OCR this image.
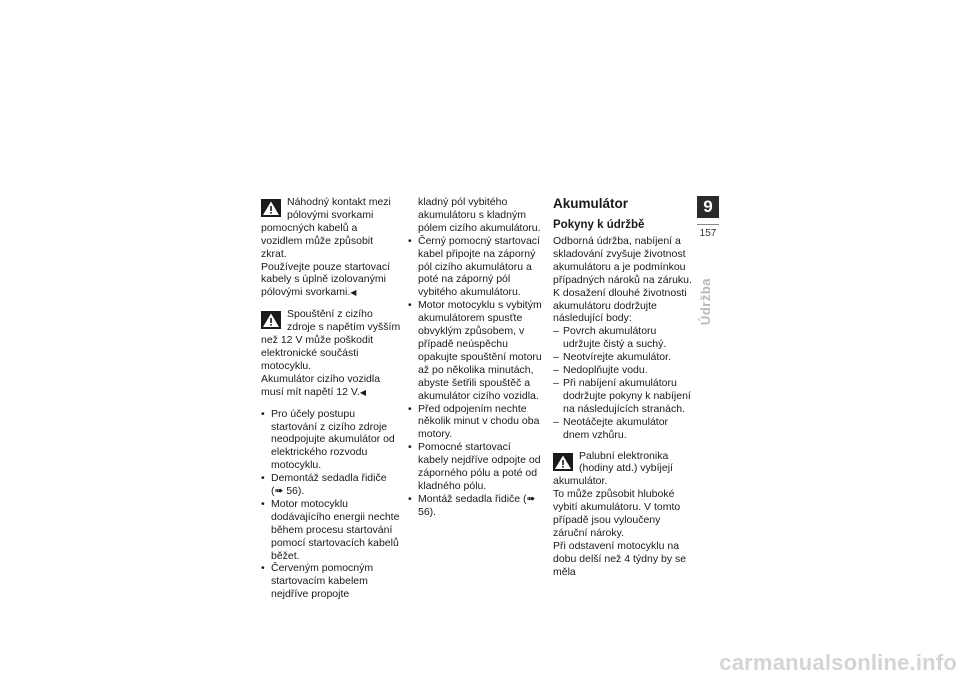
Náhodný kontakt mezi pólovými svorkami pomocných kabelů a vozidlem může způsobit zkrat.

Používejte pouze startovací kabely s úplně izolovanými pólovými svorkami.◀

Spouštění z cizího zdroje s napětím vyšším než 12 V může poškodit elektronické součásti motocyklu.

Akumulátor cizího vozidla musí mít napětí 12 V.◀

• Pro účely postupu startování z cizího zdroje neodpojujte akumulátor od elektrického rozvodu motocyklu.
• Demontáž sedadla řidiče (➠ 56).
• Motor motocyklu dodávajícího energii nechte během procesu startování pomocí startovacích kabelů běžet.
• Červeným pomocným startovacím kabelem nejdříve propojte
kladný pól vybitého akumulátoru s kladným pólem cizího akumulátoru.
• Černý pomocný startovací kabel připojte na záporný pól cizího akumulátoru a poté na záporný pól vybitého akumulátoru.
• Motor motocyklu s vybitým akumulátorem spusťte obvyklým způsobem, v případě neúspěchu opakujte spouštění motoru až po několika minutách, abyste šetřili spouštěč a akumulátor cizího vozidla.
• Před odpojením nechte několik minut v chodu oba motory.
• Pomocné startovací kabely nejdříve odpojte od záporného pólu a poté od kladného pólu.
• Montáž sedadla řidiče (➠ 56).
Akumulátor
Pokyny k údržbě

Odborná údržba, nabíjení a skladování zvyšuje životnost akumulátoru a je podmínkou případných nároků na záruku.

K dosažení dlouhé životnosti akumulátoru dodržujte následující body:

– Povrch akumulátoru udržujte čistý a suchý.
– Neotvírejte akumulátor.
– Nedoplňujte vodu.
– Při nabíjení akumulátoru dodržujte pokyny k nabíjení na následujících stranách.
– Neotáčejte akumulátor dnem vzhůru.

Palubní elektronika (hodiny atd.) vybíjejí akumulátor.

To může způsobit hluboké vybití akumulátoru. V tomto případě jsou vyloučeny záruční nároky.

Při odstavení motocyklu na dobu delší než 4 týdny by se měla

9
157
Údržba
carmanualsonline.info
